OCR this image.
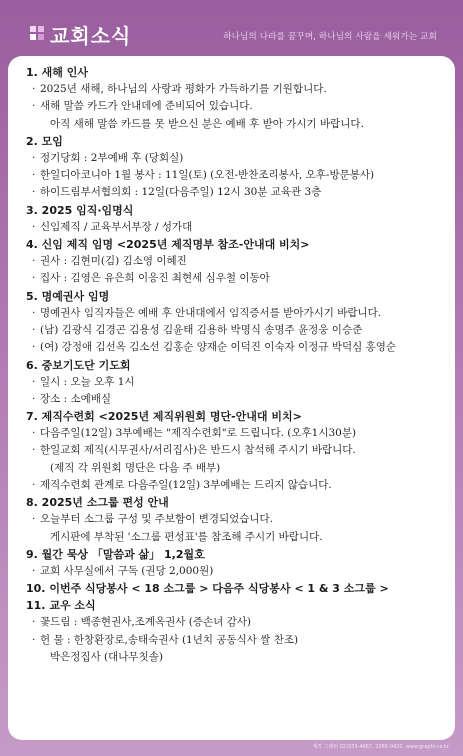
교회소식	하나님의 나라를 꿈꾸며, 하나님의 사람을 세워가는 교회
1. 새해 인사
· 2025년 새해, 하나님의 사랑과 평화가 가득하기를 기원합니다.
· 새해 말씀 카드가 안내데에 준비되어 있습니다.
아직 새해 말씀 카드를 못 받으신 분은 예배 후 받아 가시기 바랍니다.
2. 모임
· 정기당회 : 2부예배 후 (당회실)
· 한일디아코니아 1월 봉사 : 11일(토) (오전-반찬조리봉사, 오후-방문봉사)
· 하이드림부서협의회 : 12일(다음주일) 12시 30분 교육관 3층
3. 2025 임직·임명식
· 신임제직 / 교육부서부장 / 성가대
4. 신임 제직 임명 <2025년 제직명부 참조-안내대 비치>
· 권사 : 김현미(김) 김소영 이혜진
· 집사 : 김영은 유은희 이응진 최현세 심우철 이동아
5. 명예권사 임명
· 명예권사 임직자들은 예배 후 안내대에서 임직증서를 받아가시기 바랍니다.
· (남) 김광식 김경곤 김용성 김윤태 김용하 박명식 송명주 윤정웅 이승준
· (여) 강정애 김선옥 김소선 김홍순 양재순 이덕진 이숙자 이정규 박덕심 홍영순
6. 중보기도단 기도회
· 일시 : 오늘 오후 1시
· 장소 : 소예배실
7. 제직수련회 <2025년 제직위원회 명단-안내대 비치>
· 다음주일(12일) 3부예배는 "제직수련회"로 드립니다. (오후1시30분)
· 한일교회 제직(시무권사/서리집사)은 반드시 참석해 주시기 바랍니다.
(제직 각 위원회 명단은 다음 주 배부)
· 제직수련회 관계로 다음주일(12일) 3부예배는 드리지 않습니다.
8. 2025년 소그룹 편성 안내
· 오늘부터 소그룹 구성 및 주보함이 변경되었습니다.
게시판에 부착된 '소그룹 편성표'를 참조해 주시기 바랍니다.
9. 월간 묵상 「말씀과 삶」 1,2월호
· 교회 사무실에서 구독 (권당 2,000원)
10. 이번주 식당봉사 < 18 소그룹 > 다음주 식당봉사 < 1 & 3 소그룹 >
11. 교우 소식
· 꽃드림 : 백종현권사,조계옥권사 (증손녀 감사)
· 헌 물 : 한창환장로,송태숙권사 (1년치 공동식사 쌀 찬조)
박은정집사 (대나무칫솔)
제작 그래피 02)333-4667, 2065-0420, www.graphi.co.kr
